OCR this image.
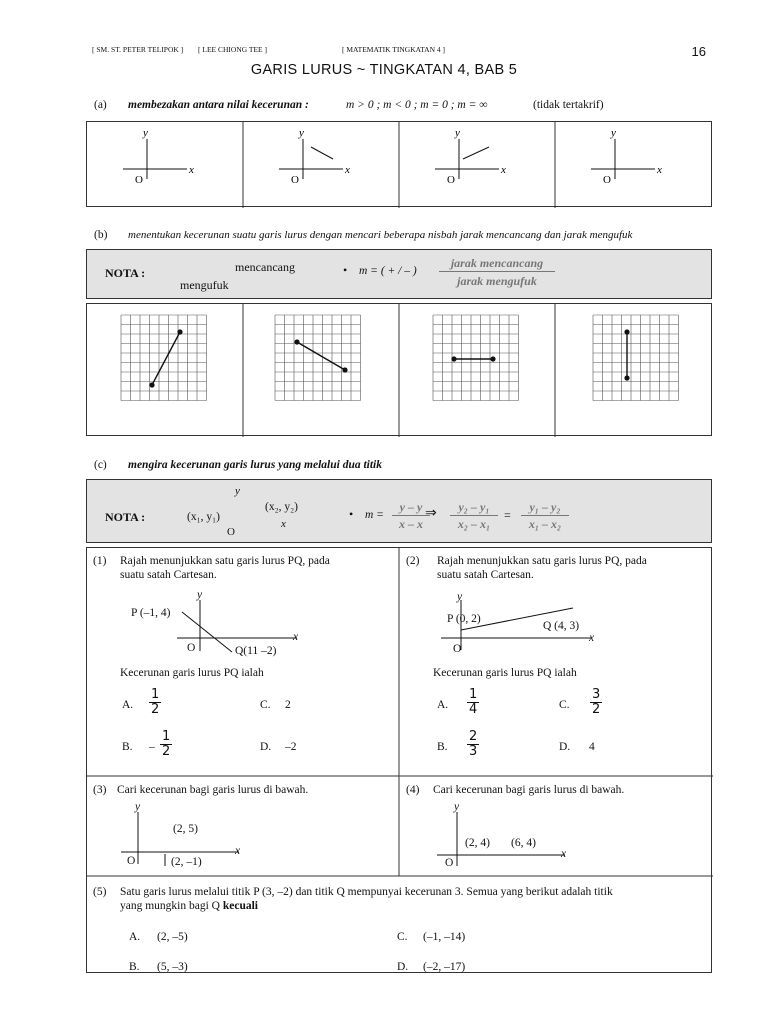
[ SM. ST. PETER TELIPOK ] [ LEE CHIONG TEE ]	[ MATEMATIK TINGKATAN 4 ]	16
GARIS LURUS ~ TINGKATAN 4, BAB 5
(a) membezakan antara nilai kecerunan :	m > 0 ; m < 0 ; m = 0 ; m = ∞	(tidak tertakrif)
x
y
O
x
y
O
x
y
O
x
y
O
(b) menentukan kecerunan suatu garis lurus dengan mencari beberapa nisbah jarak mencancang dan jarak mengufuk
NOTA :	mencancang
mengufuk
• m = ( + / – )
jarak mencancang
jarak mengufuk
(c) mengira kecerunan garis lurus yang melalui dua titik
NOTA :
y
(x₁, y₁)
(x₂, y₂)
x
O
• m =
y – y
x – x
⇒	y₂ – y₁
x₂ – x₁
=
y₁ – y₂
x₁ – x₂
(1) Rajah menunjukkan satu garis lurus PQ, pada
suatu satah Cartesan.
P (–1, 4)
Q(11 –2)
O
x
y
Kecerunan garis lurus PQ ialah
A. $\frac{1}{2}$
B. – $\frac{1}{2}$
C. 2
D. –2
(2) Rajah menunjukkan satu garis lurus PQ, pada
suatu satah Cartesan.
P (0, 2)
Q (4, 3)
O
x
y
Kecerunan garis lurus PQ ialah
A. $\frac{1}{4}$
B. $\frac{2}{3}$
C. $\frac{3}{2}$
D. 4
(3) Cari kecerunan bagi garis lurus di bawah.
(2, 5)
(2, –1)
O
x
y
(4) Cari kecerunan bagi garis lurus di bawah.
(2, 4) (6, 4)
O
x
y
(5) Satu garis lurus melalui titik P (3, –2) dan titik Q mempunyai kecerunan 3. Semua yang berikut adalah titik
yang mungkin bagi Q kecuali
A. (2, –5)
B. (5, –3)
C. (–1, –14)
D. (–2, –17)
